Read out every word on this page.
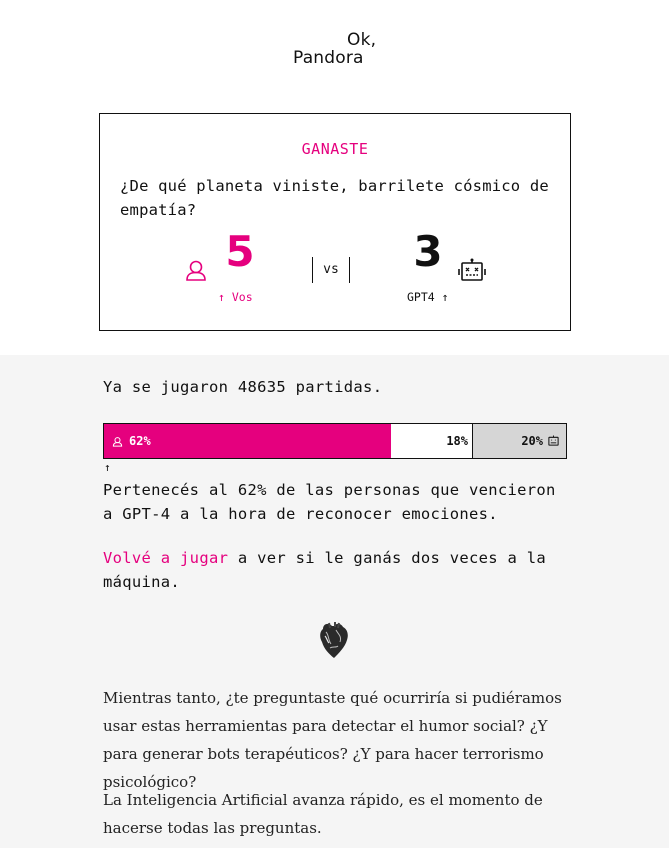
Ok,
Pandora
GANASTE
¿De qué planeta viniste, barrilete cósmico de empatía?
5	vs 3
↑ Vos	GPT4 ↑
Ya se jugaron 48635 partidas.
62%	18%	20%
↑
Pertenecés al 62% de las personas que vencieron a GPT-4 a la hora de reconocer emociones.
Volvé a jugar a ver si le ganás dos veces a la máquina.
Mientras tanto, ¿te preguntaste qué ocurriría si pudiéramos usar estas herramientas para detectar el humor social? ¿Y para generar bots terapéuticos? ¿Y para hacer terrorismo psicológico?
La Inteligencia Artificial avanza rápido, es el momento de hacerse todas las preguntas.
